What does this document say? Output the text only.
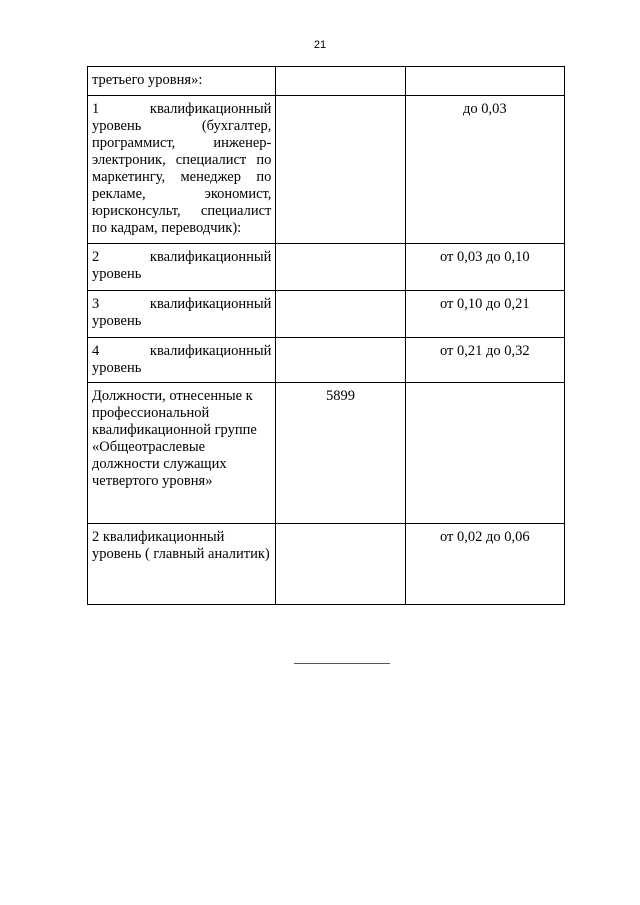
21
третьего уровня»:		
1 квалификационный уровень (бухгалтер, программист, инженер-электроник, специалист по маркетингу, менеджер по рекламе, экономист, юрисконсульт, специалист по кадрам, переводчик):		до 0,03
2 квалификационный уровень		от 0,03 до 0,10
3 квалификационный уровень		от 0,10 до 0,21
4 квалификационный уровень		от 0,21 до 0,32
Должности, отнесенные к профессиональной квалификационной группе «Общеотраслевые должности служащих четвертого уровня»	5899	
2 квалификационный уровень ( главный аналитик)		от 0,02 до 0,06
